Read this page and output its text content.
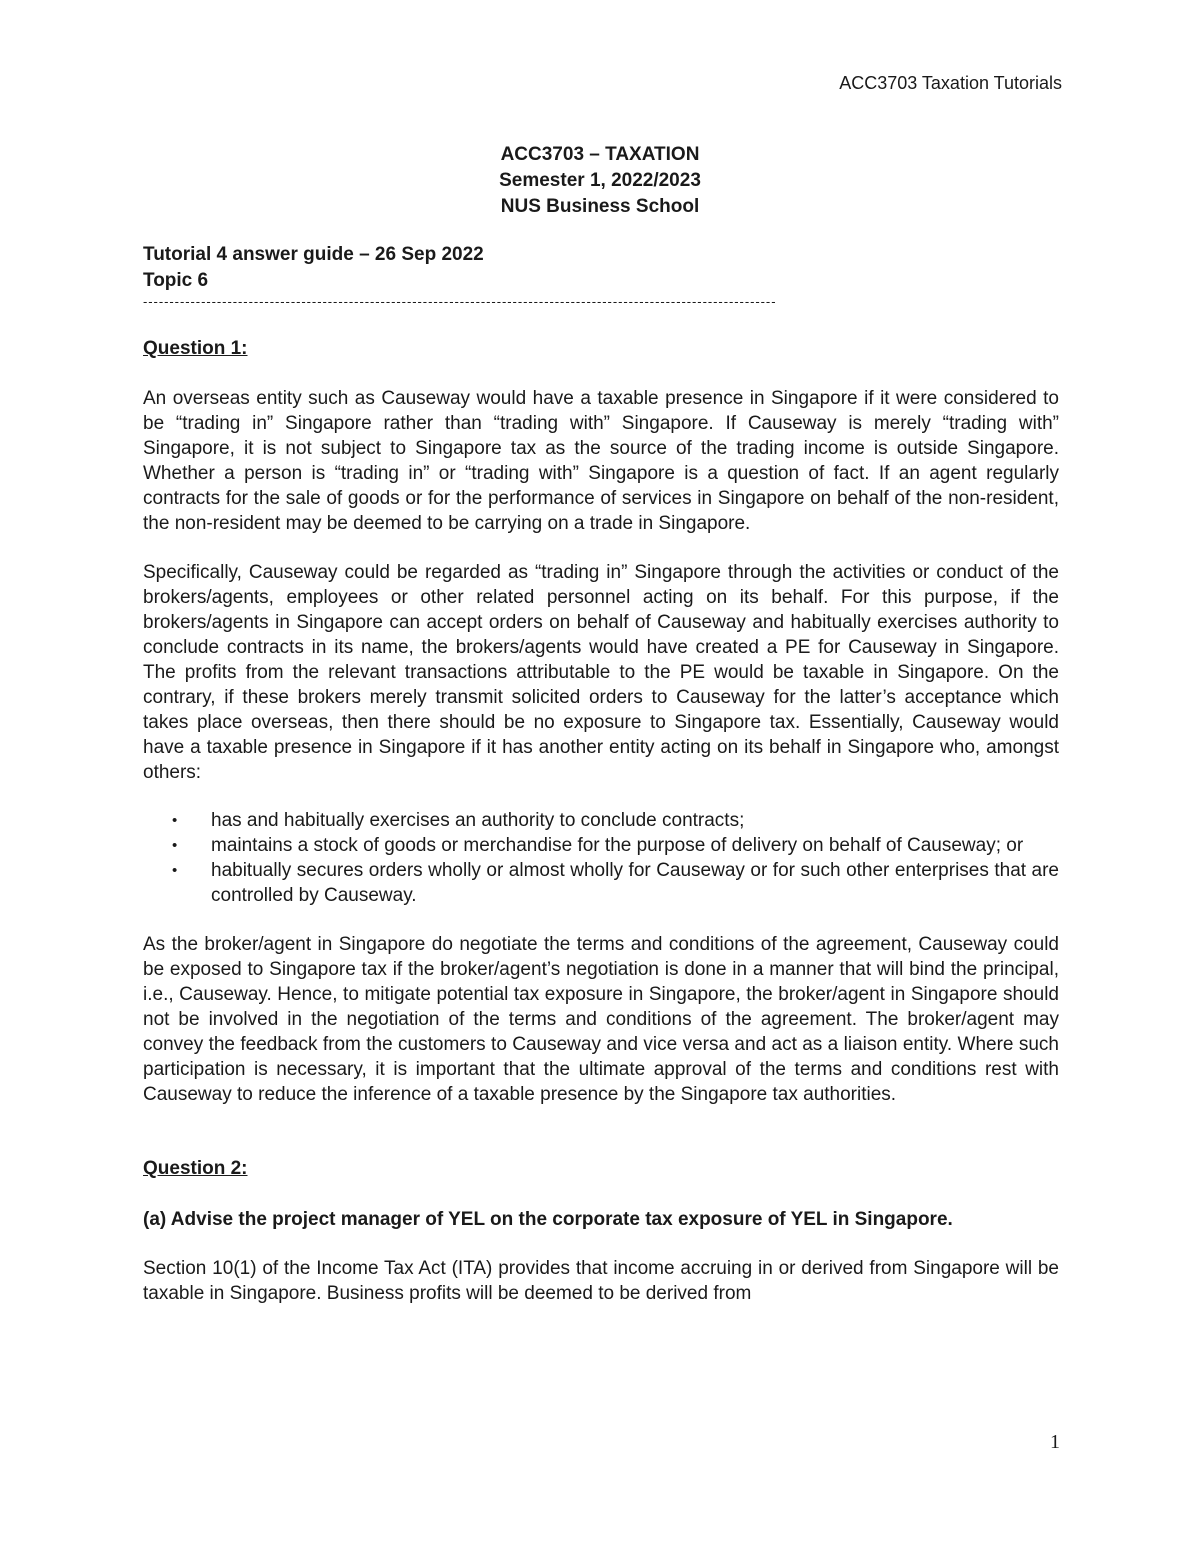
ACC3703 Taxation Tutorials
ACC3703 – TAXATION
Semester 1, 2022/2023
NUS Business School
Tutorial 4 answer guide – 26 Sep 2022
Topic 6
------------------------------------------------------------------------------------------------------------------------
Question 1:

An overseas entity such as Causeway would have a taxable presence in Singapore if it were considered to be “trading in” Singapore rather than “trading with” Singapore. If Causeway is merely “trading with” Singapore, it is not subject to Singapore tax as the source of the trading income is outside Singapore. Whether a person is “trading in” or “trading with” Singapore is a question of fact. If an agent regularly contracts for the sale of goods or for the performance of services in Singapore on behalf of the non-resident, the non-resident may be deemed to be carrying on a trade in Singapore.

Specifically, Causeway could be regarded as “trading in” Singapore through the activities or conduct of the brokers/agents, employees or other related personnel acting on its behalf. For this purpose, if the brokers/agents in Singapore can accept orders on behalf of Causeway and habitually exercises authority to conclude contracts in its name, the brokers/agents would have created a PE for Causeway in Singapore. The profits from the relevant transactions attributable to the PE would be taxable in Singapore. On the contrary, if these brokers merely transmit solicited orders to Causeway for the latter’s acceptance which takes place overseas, then there should be no exposure to Singapore tax. Essentially, Causeway would have a taxable presence in Singapore if it has another entity acting on its behalf in Singapore who, amongst others:

• has and habitually exercises an authority to conclude contracts;
• maintains a stock of goods or merchandise for the purpose of delivery on behalf of Causeway; or
• habitually secures orders wholly or almost wholly for Causeway or for such other enterprises that are controlled by Causeway.

As the broker/agent in Singapore do negotiate the terms and conditions of the agreement, Causeway could be exposed to Singapore tax if the broker/agent’s negotiation is done in a manner that will bind the principal, i.e., Causeway. Hence, to mitigate potential tax exposure in Singapore, the broker/agent in Singapore should not be involved in the negotiation of the terms and conditions of the agreement. The broker/agent may convey the feedback from the customers to Causeway and vice versa and act as a liaison entity. Where such participation is necessary, it is important that the ultimate approval of the terms and conditions rest with Causeway to reduce the inference of a taxable presence by the Singapore tax authorities.

Question 2:
(a) Advise the project manager of YEL on the corporate tax exposure of YEL in Singapore.

Section 10(1) of the Income Tax Act (ITA) provides that income accruing in or derived from Singapore will be taxable in Singapore. Business profits will be deemed to be derived from

1
